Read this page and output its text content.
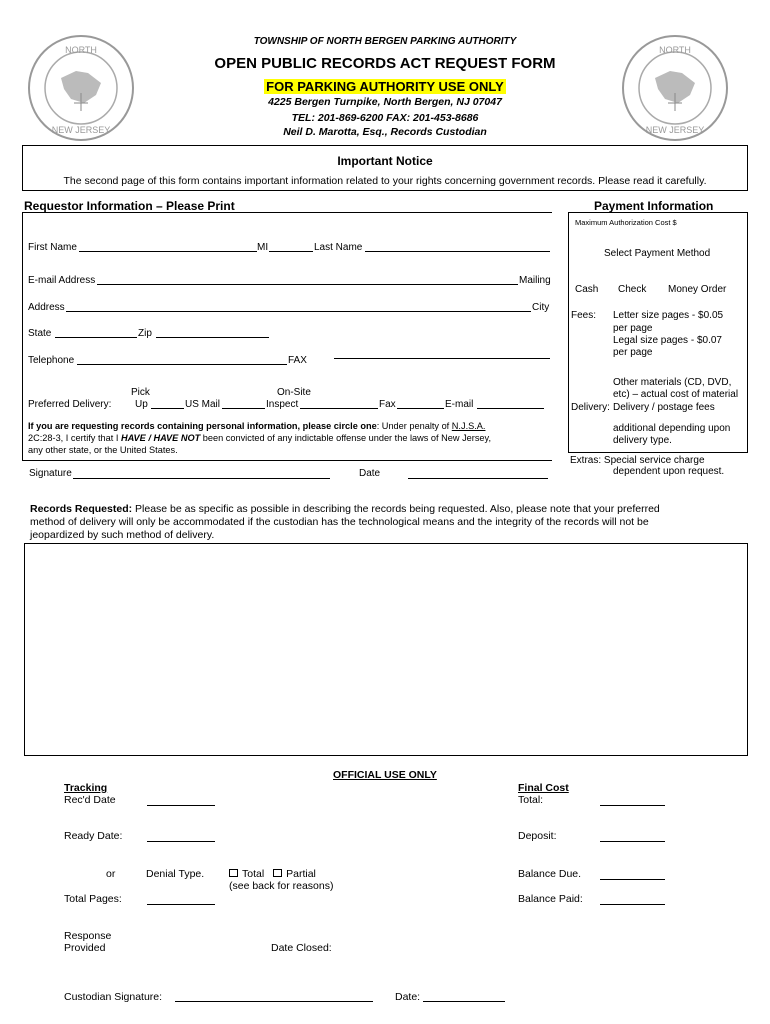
NORTH
NEW JERSEY
NORTH
NEW JERSEY
TOWNSHIP OF NORTH BERGEN PARKING AUTHORITY
OPEN PUBLIC RECORDS ACT REQUEST FORM
FOR PARKING AUTHORITY USE ONLY
4225 Bergen Turnpike, North Bergen, NJ 07047
TEL: 201-869-6200 FAX: 201-453-8686
Neil D. Marotta, Esq., Records Custodian
Important Notice
The second page of this form contains important information related to your rights concerning government records. Please read it carefully.
Requestor Information – Please Print	Payment Information
First Name	MI	Last Name
E-mail Address	Mailing
Address	City
State	Zip
Telephone	FAX
Pick	On-Site
Preferred Delivery: Up	US Mail	Inspect	Fax	E-mail
If you are requesting records containing personal information, please circle one: Under penalty of N.J.S.A.
2C:28-3, I certify that I HAVE / HAVE NOT been convicted of any indictable offense under the laws of New Jersey,
any other state, or the United States.
Signature	Date
Maximum Authorization Cost $
Select Payment Method
Cash Check Money Order
Fees: Letter size pages - $0.05
per page
Legal size pages - $0.07
per page
Other materials (CD, DVD,
etc) – actual cost of material
Delivery: Delivery / postage fees
additional depending upon
delivery type.
Extras: Special service charge
dependent upon request.
Records Requested: Please be as specific as possible in describing the records being requested. Also, please note that your preferred
method of delivery will only be accommodated if the custodian has the technological means and the integrity of the records will not be
jeopardized by such method of delivery.
OFFICIAL USE ONLY
Tracking
Rec'd Date
Ready Date:
or	Denial Type.	Total Partial
(see back for reasons)
Total Pages:
Response
Provided	Date Closed:
Final Cost
Total:
Deposit:
Balance Due.
Balance Paid:
Custodian Signature:	Date:
